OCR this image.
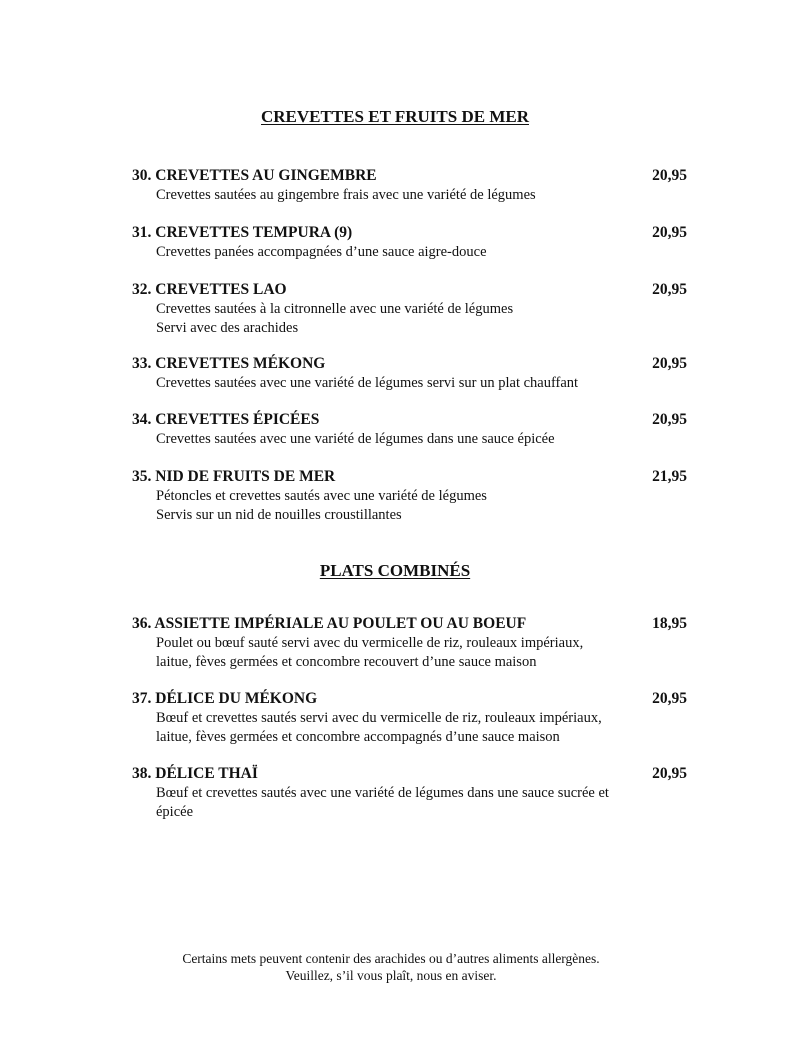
CREVETTES ET FRUITS DE MER
30. CREVETTES AU GINGEMBRE	20,95
Crevettes sautées au gingembre frais avec une variété de légumes
31. CREVETTES TEMPURA (9)	20,95
Crevettes panées accompagnées d’une sauce aigre-douce
32. CREVETTES LAO	20,95
Crevettes sautées à la citronnelle avec une variété de légumes
Servi avec des arachides
33. CREVETTES MÉKONG	20,95
Crevettes sautées avec une variété de légumes servi sur un plat chauffant
34. CREVETTES ÉPICÉES	20,95
Crevettes sautées avec une variété de légumes dans une sauce épicée
35. NID DE FRUITS DE MER	21,95
Pétoncles et crevettes sautés avec une variété de légumes
Servis sur un nid de nouilles croustillantes
PLATS COMBINÉS
36. ASSIETTE IMPÉRIALE AU POULET OU AU BOEUF	18,95
Poulet ou bœuf sauté servi avec du vermicelle de riz, rouleaux impériaux,
laitue, fèves germées et concombre recouvert d’une sauce maison
37. DÉLICE DU MÉKONG	20,95
Bœuf et crevettes sautés servi avec du vermicelle de riz, rouleaux impériaux,
laitue, fèves germées et concombre accompagnés d’une sauce maison
38. DÉLICE THAÏ	20,95
Bœuf et crevettes sautés avec une variété de légumes dans une sauce sucrée et
épicée
Certains mets peuvent contenir des arachides ou d’autres aliments allergènes.
Veuillez, s’il vous plaît, nous en aviser.
